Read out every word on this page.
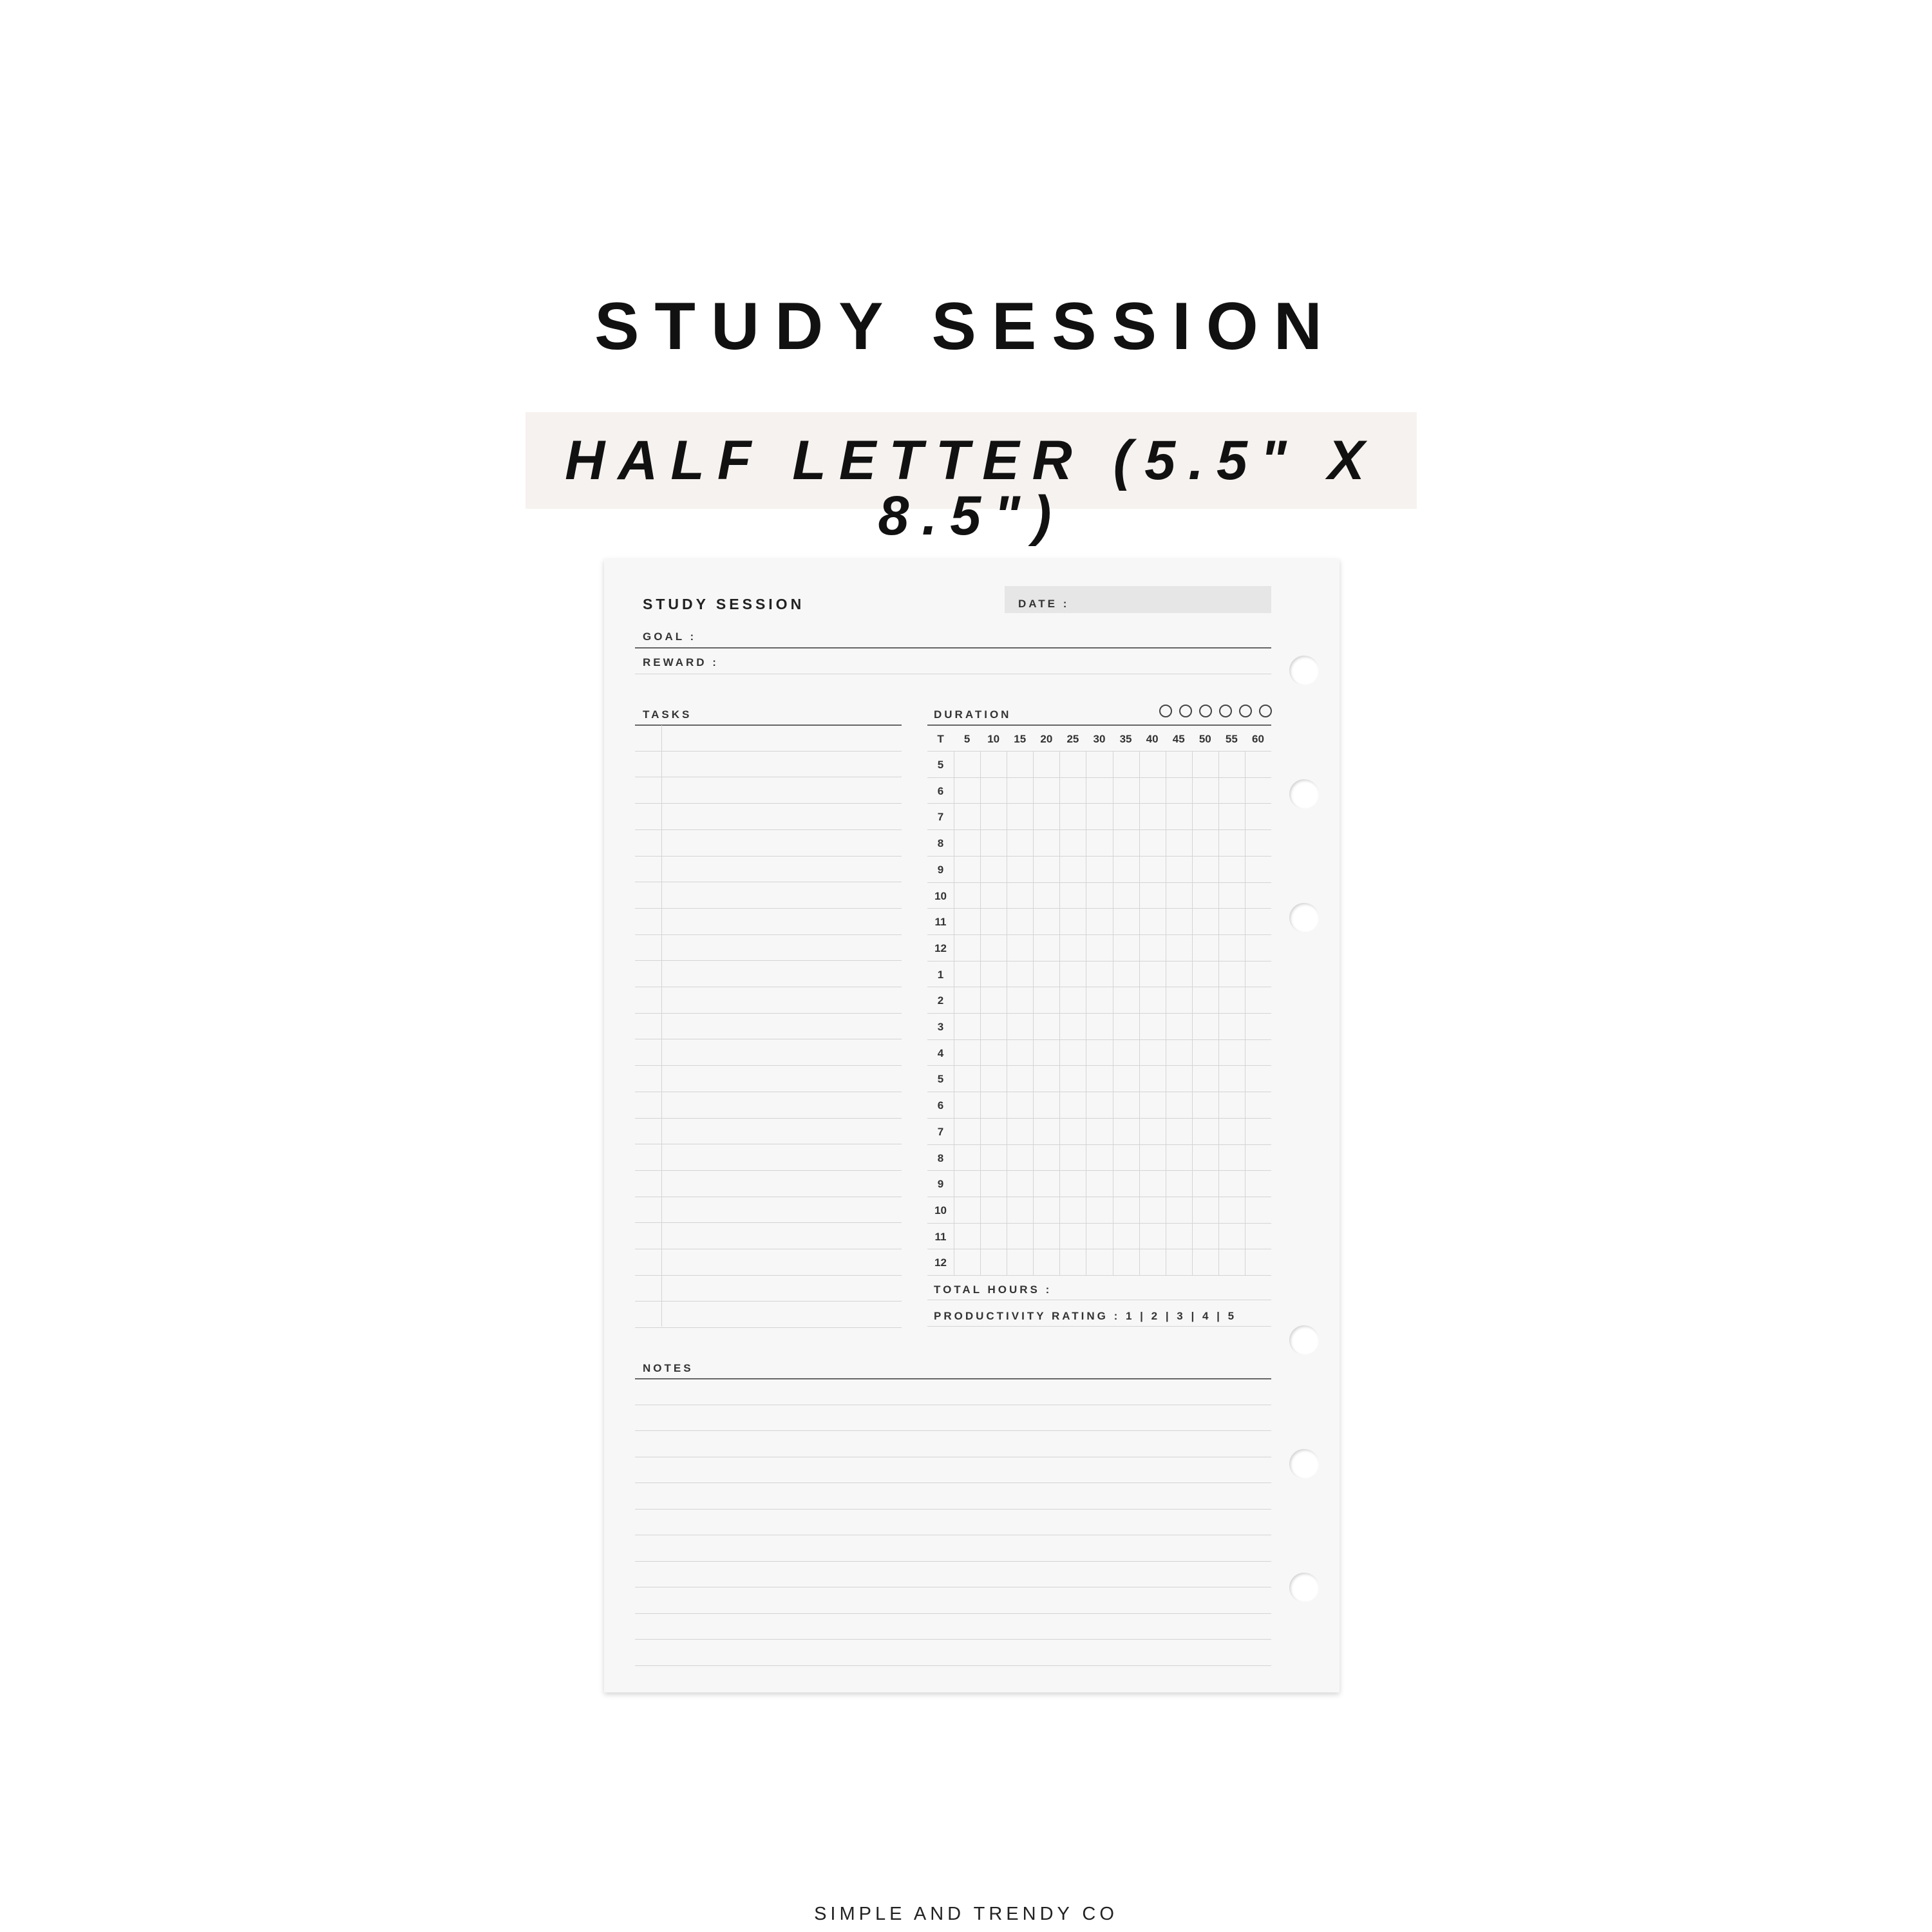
STUDY SESSION
HALF LETTER (5.5" X 8.5")
STUDY SESSION	DATE :
GOAL :
REWARD :
TASKS	DURATION
T	5	10	15	20	25	30	35	40	45	50	55	60
5
6
7
8
9
10
11
12
1
2
3
4
5
6
7
8
9
10
11
12
TOTAL HOURS :
PRODUCTIVITY RATING : 1 | 2 | 3 | 4 | 5
NOTES
SIMPLE AND TRENDY CO
